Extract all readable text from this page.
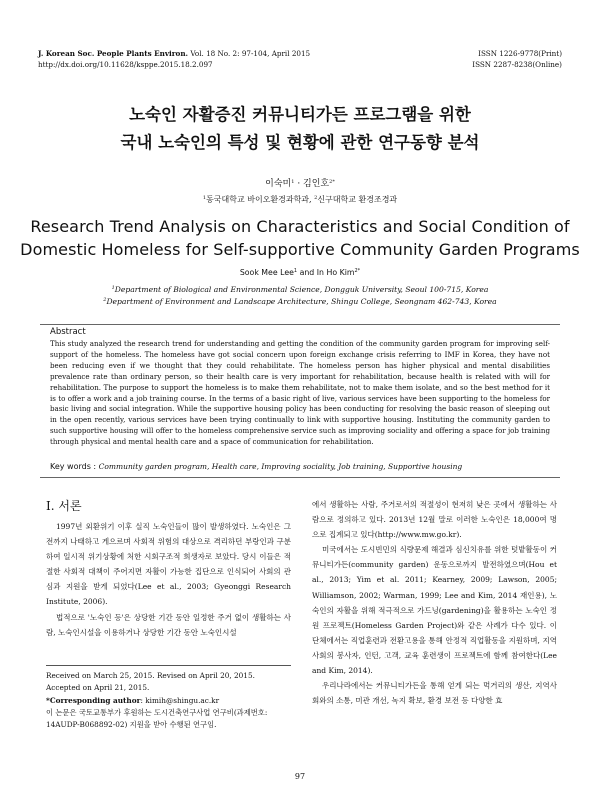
J. Korean Soc. People Plants Environ. Vol. 18 No. 2: 97-104, April 2015
http://dx.doi.org/10.11628/ksppe.2015.18.2.097
ISSN 1226-9778(Print)
ISSN 2287-8238(Online)
노숙인 자활증진 커뮤니티가든 프로그램을 위한
국내 노숙인의 특성 및 현황에 관한 연구동향 분석
이숙미$^1$ · 김인호$^{2*}$
$^1$동국대학교 바이오환경과학과, $^2$신구대학교 환경조경과
Research Trend Analysis on Characteristics and Social Condition of
Domestic Homeless for Self-supportive Community Garden Programs
Sook Mee Lee$^1$ and In Ho Kim$^{2*}$
$^1$Department of Biological and Environmental Science, Dongguk University, Seoul 100-715, Korea
$^2$Department of Environment and Landscape Architecture, Shingu College, Seongnam 462-743, Korea
Abstract
This study analyzed the research trend for understanding and getting the condition of the community garden program for improving self-support of the homeless. The homeless have got social concern upon foreign exchange crisis referring to IMF in Korea, they have not been reducing even if we thought that they could rehabilitate. The homeless person has higher physical and mental disabilities prevalence rate than ordinary person, so their health care is very important for rehabilitation, because health is related with will for rehabilitation. The purpose to support the homeless is to make them rehabilitate, not to make them isolate, and so the best method for it is to offer a work and a job training course. In the terms of a basic right of live, various services have been supporting to the homeless for basic living and social integration. While the supportive housing policy has been conducting for resolving the basic reason of sleeping out in the open recently, various services have been trying continually to link with supportive housing. Instituting the community garden to such supportive housing will offer to the homeless comprehensive service such as improving sociality and offering a space for job training through physical and mental health care and a space of communication for rehabilitation.
Key words : Community garden program, Health care, Improving sociality, Job training, Supportive housing
Ⅰ. 서론

1997년 외환위기 이후 실직 노숙인들이 많이 발생하였다. 노숙인은 그 전까지 나태하고 게으르며 사회적 위험의 대상으로 격리하던 부랑인과 구분하여 일시적 위기상황에 처한 시회구조적 희생자로 보았다. 당시 이들은 적절한 사회적 대책이 주어지면 자활이 가능한 집단으로 인식되어 사회의 관심과 지원을 받게 되었다(Lee et al., 2003; Gyeonggi Research Institute, 2006).

법적으로 '노숙인 등'은 상당한 기간 동안 일정한 주거 없이 생활하는 사람, 노숙인시설을 이용하거나 상당한 기간 동안 노숙인시설

Received on March 25, 2015. Revised on April 20, 2015.
Accepted on April 21, 2015.
*Corresponding author: kimih@shingu.ac.kr
이 논문은 국토교통부가 후원하는 도시건축연구사업 연구비(과제번호:
14AUDP-B068892-02) 지원을 받아 수행된 연구임.

에서 생활하는 사람, 주거로서의 적절성이 현저히 낮은 곳에서 생활하는 사람으로 정의하고 있다. 2013년 12월 말로 이러한 노숙인은 18,000여 명으로 집계되고 있다(http://www.mw.go.kr).

미국에서는 도시빈민의 식량문제 해결과 심신치유를 위한 텃밭활동이 커뮤니티가든(community garden) 운동으로까지 발전하였으며(Hou et al., 2013; Yim et al. 2011; Kearney, 2009; Lawson, 2005; Williamson, 2002; Warman, 1999; Lee and Kim, 2014 재인용), 노숙인의 자활을 위해 적극적으로 가드닝(gardening)을 활용하는 노숙인 정원 프로젝트(Homeless Garden Project)와 같은 사례가 다수 있다. 이 단체에서는 직업훈련과 전환고용을 통해 안정적 직업활동을 지원하며, 지역사회의 봉사자, 인턴, 고객, 교육 훈련생이 프로젝트에 함께 참여한다(Lee and Kim, 2014).

우리나라에서는 커뮤니티가든을 통해 얻게 되는 먹거리의 생산, 지역사회와의 소통, 미관 개선, 녹지 확보, 환경 보전 등 다양한 효

97
